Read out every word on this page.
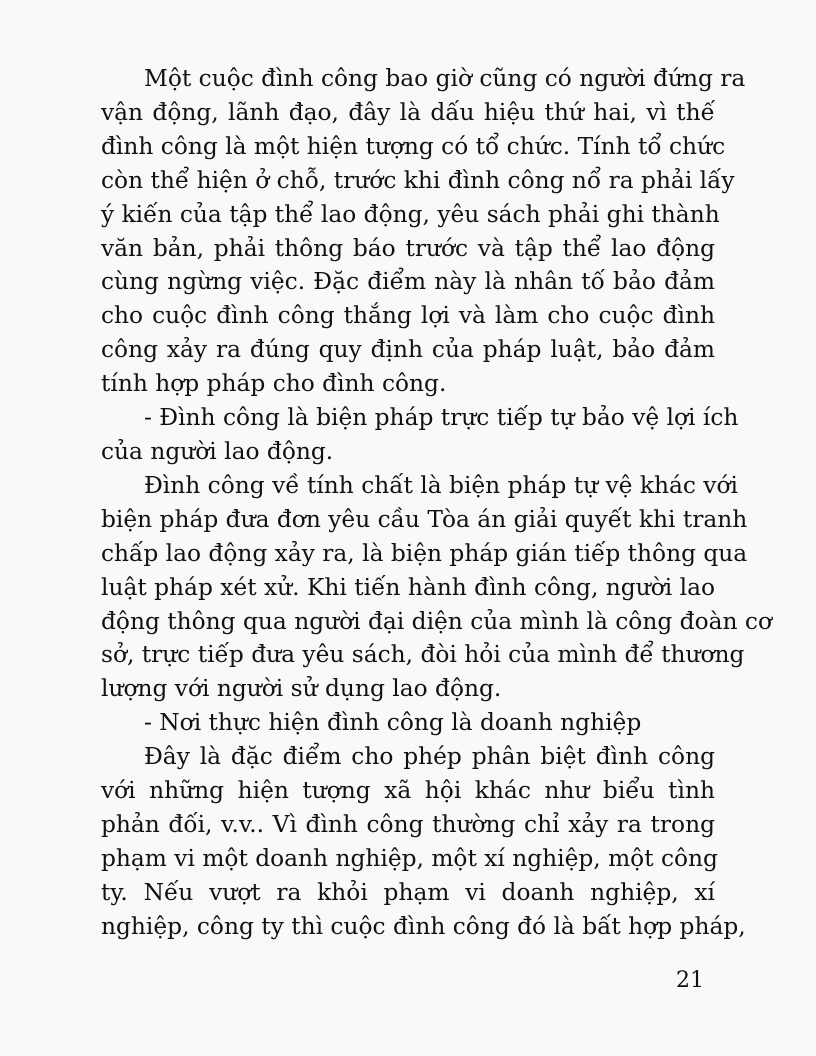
Một cuộc đình công bao giờ cũng có người đứng ra
vận động, lãnh đạo, đây là dấu hiệu thứ hai, vì thế
đình công là một hiện tượng có tổ chức. Tính tổ chức
còn thể hiện ở chỗ, trước khi đình công nổ ra phải lấy
ý kiến của tập thể lao động, yêu sách phải ghi thành
văn bản, phải thông báo trước và tập thể lao động
cùng ngừng việc. Đặc điểm này là nhân tố bảo đảm
cho cuộc đình công thắng lợi và làm cho cuộc đình
công xảy ra đúng quy định của pháp luật, bảo đảm
tính hợp pháp cho đình công.
- Đình công là biện pháp trực tiếp tự bảo vệ lợi ích
của người lao động.
Đình công về tính chất là biện pháp tự vệ khác với
biện pháp đưa đơn yêu cầu Tòa án giải quyết khi tranh
chấp lao động xảy ra, là biện pháp gián tiếp thông qua
luật pháp xét xử. Khi tiến hành đình công, người lao
động thông qua người đại diện của mình là công đoàn cơ
sở, trực tiếp đưa yêu sách, đòi hỏi của mình để thương
lượng với người sử dụng lao động.
- Nơi thực hiện đình công là doanh nghiệp
Đây là đặc điểm cho phép phân biệt đình công
với những hiện tượng xã hội khác như biểu tình
phản đối, v.v.. Vì đình công thường chỉ xảy ra trong
phạm vi một doanh nghiệp, một xí nghiệp, một công
ty. Nếu vượt ra khỏi phạm vi doanh nghiệp, xí
nghiệp, công ty thì cuộc đình công đó là bất hợp pháp,
21
